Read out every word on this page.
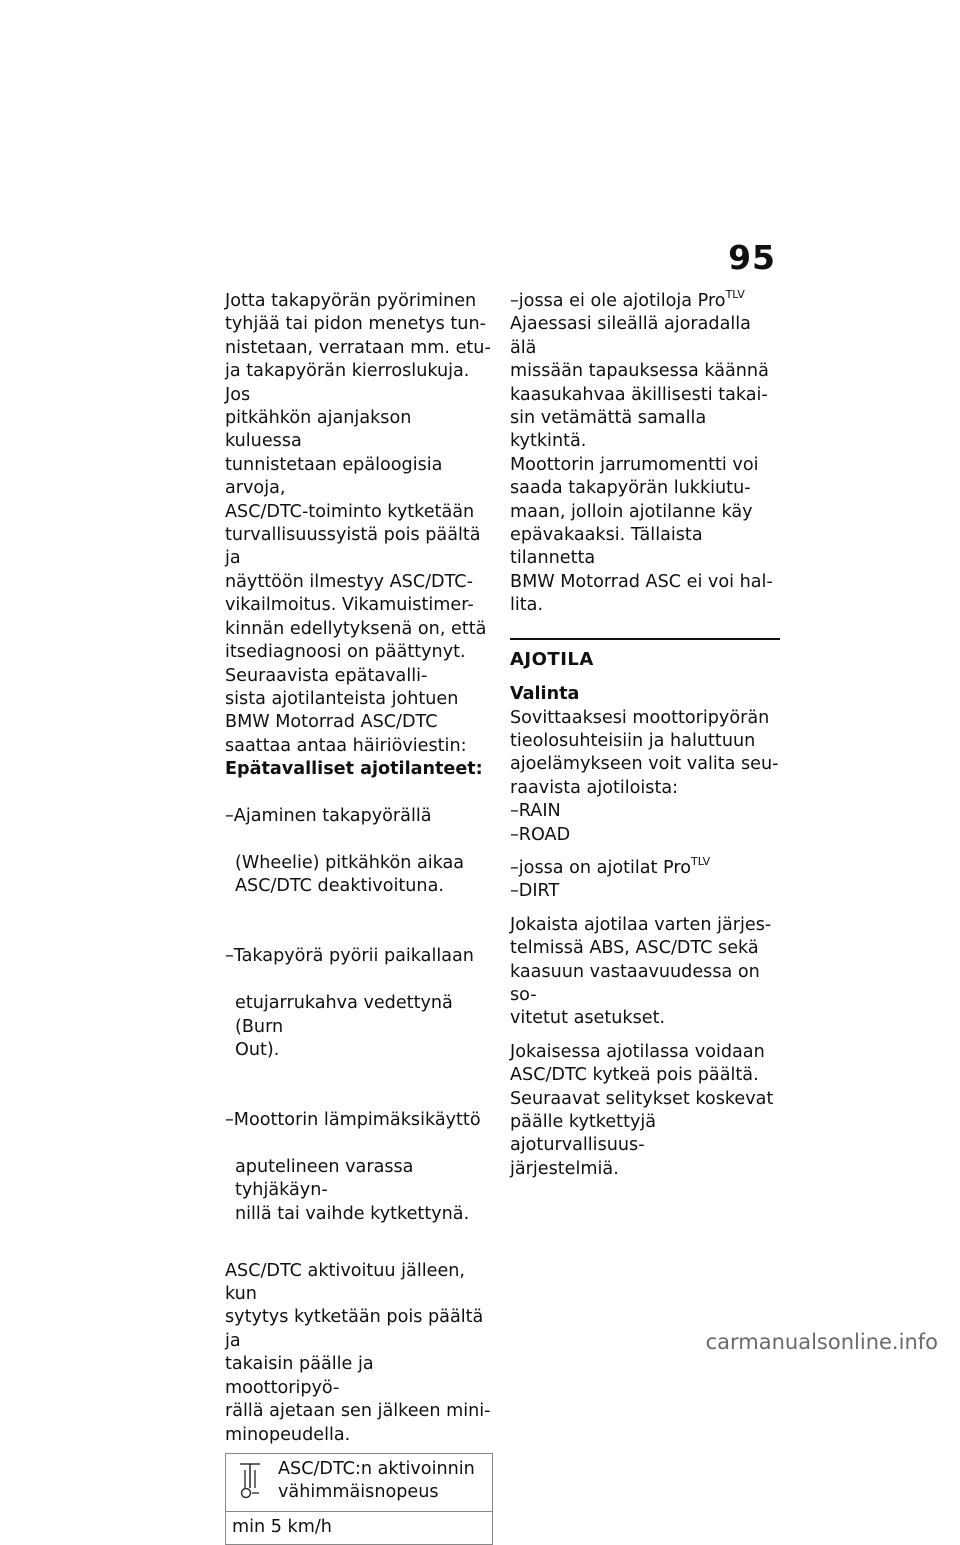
95

Jotta takapyörän pyöriminen
tyhjää tai pidon menetys tun-
nistetaan, verrataan mm. etu-
ja takapyörän kierroslukuja. Jos
pitkähkön ajanjakson kuluessa
tunnistetaan epäloogisia arvoja,
ASC/DTC-toiminto kytketään
turvallisuussyistä pois päältä ja
näyttöön ilmestyy ASC/DTC-
vikailmoitus. Vikamuistimer-
kinnän edellytyksenä on, että
itsediagnoosi on päättynyt.

Seuraavista epätavalli-
sista ajotilanteista johtuen
BMW Motorrad ASC/DTC
saattaa antaa häiriöviestin:

Epätavalliset ajotilanteet:

–Ajaminen takapyörällä

(Wheelie) pitkähkön aikaa
ASC/DTC deaktivoituna.

–Takapyörä pyörii paikallaan

etujarrukahva vedettynä (Burn
Out).

–Moottorin lämpimäksikäyttö

aputelineen varassa tyhjäkäyn-
nillä tai vaihde kytkettynä.

ASC/DTC aktivoituu jälleen, kun
sytytys kytketään pois päältä ja
takaisin päälle ja moottoripyö-
rällä ajetaan sen jälkeen mini-
minopeudella.

	ASC/DTC:n aktivoinnin
vähimmäisnopeus
min 5 km/h
–jossa ei ole ajotiloja Pro$^{TLV}$

Ajaessasi sileällä ajoradalla älä
missään tapauksessa käännä
kaasukahvaa äkillisesti takai-
sin vetämättä samalla kytkintä.
Moottorin jarrumomentti voi
saada takapyörän lukkiutu-
maan, jolloin ajotilanne käy
epävakaaksi. Tällaista tilannetta
BMW Motorrad ASC ei voi hal-
lita.

AJOTILA

Valinta

Sovittaaksesi moottoripyörän
tieolosuhteisiin ja haluttuun
ajoelämykseen voit valita seu-
raavista ajotiloista:

–RAIN
–ROAD
–jossa on ajotilat Pro$^{TLV}$
–DIRT

Jokaista ajotilaa varten järjes-
telmissä ABS, ASC/DTC sekä
kaasuun vastaavuudessa on so-
vitetut asetukset.

Jokaisessa ajotilassa voidaan
ASC/DTC kytkeä pois päältä.
Seuraavat selitykset koskevat
päälle kytkettyjä ajoturvallisuus-
järjestelmiä.

carmanualsonline.info
